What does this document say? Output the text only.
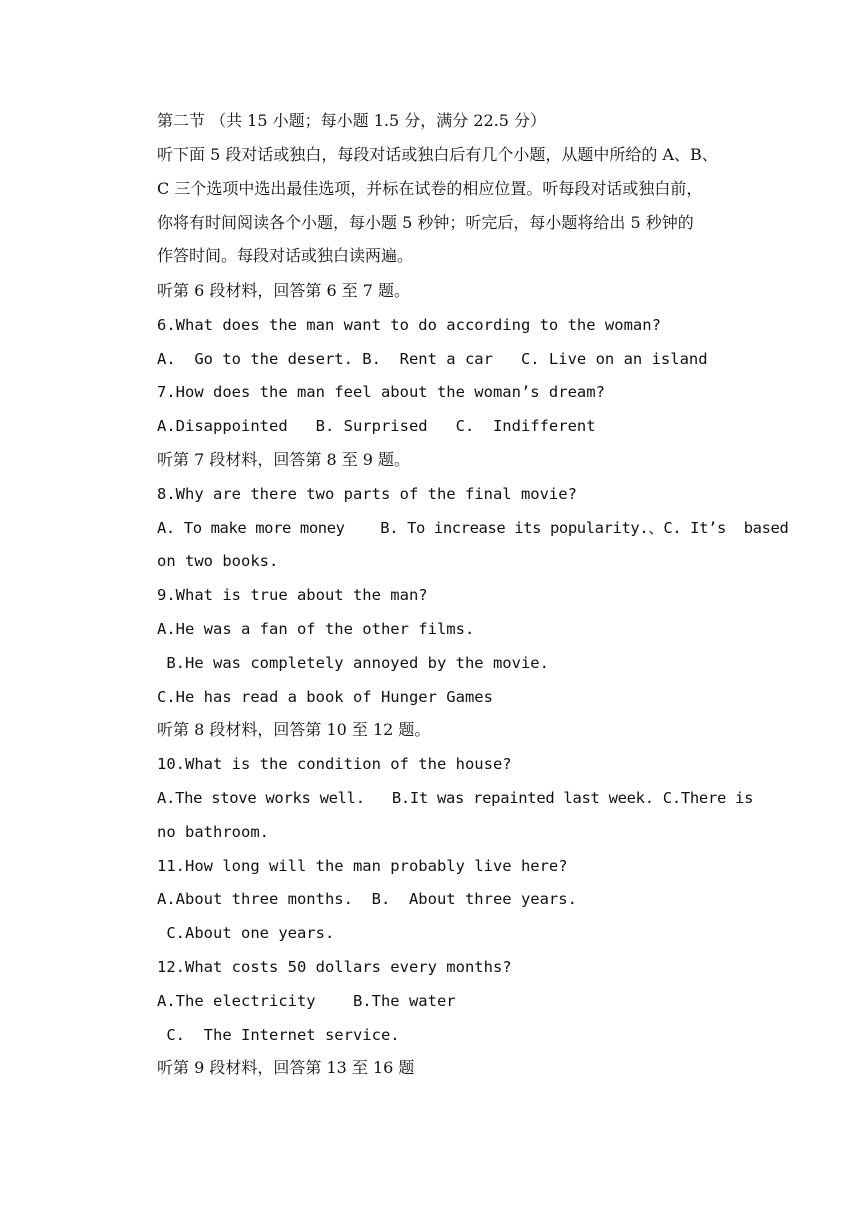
第二节 （共 15 小题；每小题 1.5 分，满分 22.5 分）
听下面 5 段对话或独白，每段对话或独白后有几个小题，从题中所给的 A、B、
C 三个选项中选出最佳选项，并标在试卷的相应位置。听每段对话或独白前，
你将有时间阅读各个小题，每小题 5 秒钟；听完后，每小题将给出 5 秒钟的
作答时间。每段对话或独白读两遍。
听第 6 段材料，回答第 6 至 7 题。
6.What does the man want to do according to the woman?
A.  Go to the desert. B.  Rent a car   C. Live on an island
7.How does the man feel about the woman’s dream?
A.Disappointed   B. Surprised   C.  Indifferent
听第 7 段材料，回答第 8 至 9 题。
8.Why are there two parts of the final movie?
A. To make more money    B. To increase its popularity.、C. It’s  based
on two books.
9.What is true about the man?
A.He was a fan of the other films.
B.He was completely annoyed by the movie.
C.He has read a book of Hunger Games
听第 8 段材料，回答第 10 至 12 题。
10.What is the condition of the house?
A.The stove works well.   B.It was repainted last week. C.There is
no bathroom.
11.How long will the man probably live here?
A.About three months.  B.  About three years.
C.About one years.
12.What costs 50 dollars every months?
A.The electricity    B.The water
C.  The Internet service.
听第 9 段材料，回答第 13 至 16 题
